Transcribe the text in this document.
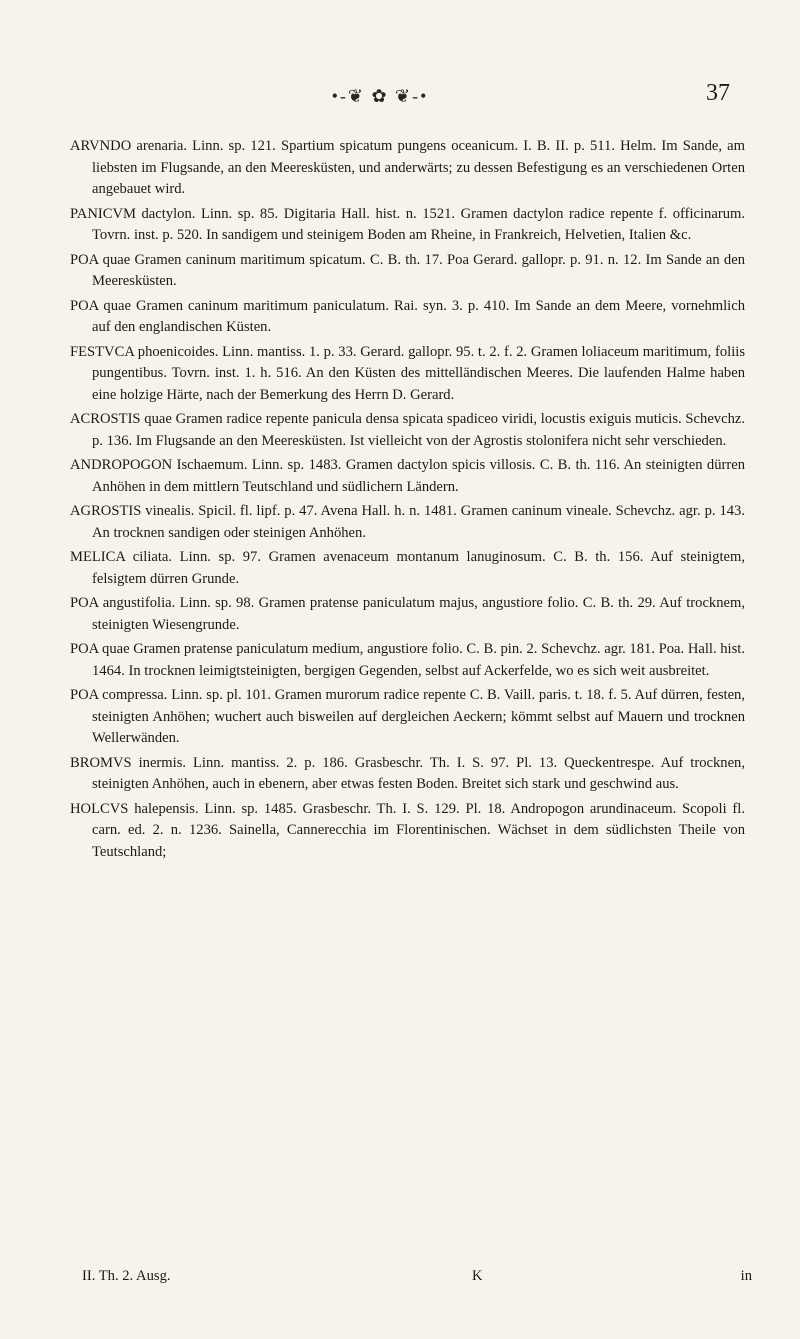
•-❦ ✿ ❦-•	37

ARVNDO arenaria. Linn. sp. 121. Spartium spicatum pungens oceanicum. I. B. II. p. 511. Helm. Im Sande, am liebsten im Flugsande, an den Meeresküsten, und anderwärts; zu dessen Befestigung es an verschiedenen Orten angebauet wird.

PANICVM dactylon. Linn. sp. 85. Digitaria Hall. hist. n. 1521. Gramen dactylon radice repente f. officinarum. Tovrn. inst. p. 520. In sandigem und steinigem Boden am Rheine, in Frankreich, Helvetien, Italien &c.

POA quae Gramen caninum maritimum spicatum. C. B. th. 17. Poa Gerard. gallopr. p. 91. n. 12. Im Sande an den Meeresküsten.

POA quae Gramen caninum maritimum paniculatum. Rai. syn. 3. p. 410. Im Sande an dem Meere, vornehmlich auf den englandischen Küsten.

FESTVCA phoenicoides. Linn. mantiss. 1. p. 33. Gerard. gallopr. 95. t. 2. f. 2. Gramen loliaceum maritimum, foliis pungentibus. Tovrn. inst. 1. h. 516. An den Küsten des mittelländischen Meeres. Die laufenden Halme haben eine holzige Härte, nach der Bemerkung des Herrn D. Gerard.

ACROSTIS quae Gramen radice repente panicula densa spicata spadiceo viridi, locustis exiguis muticis. Schevchz. p. 136. Im Flugsande an den Meeresküsten. Ist vielleicht von der Agrostis stolonifera nicht sehr verschieden.

ANDROPOGON Ischaemum. Linn. sp. 1483. Gramen dactylon spicis villosis. C. B. th. 116. An steinigten dürren Anhöhen in dem mittlern Teutschland und südlichern Ländern.

AGROSTIS vinealis. Spicil. fl. lipf. p. 47. Avena Hall. h. n. 1481. Gramen caninum vineale. Schevchz. agr. p. 143. An trocknen sandigen oder steinigen Anhöhen.

MELICA ciliata. Linn. sp. 97. Gramen avenaceum montanum lanuginosum. C. B. th. 156. Auf steinigtem, felsigtem dürren Grunde.

POA angustifolia. Linn. sp. 98. Gramen pratense paniculatum majus, angustiore folio. C. B. th. 29. Auf trocknem, steinigten Wiesengrunde.

POA quae Gramen pratense paniculatum medium, angustiore folio. C. B. pin. 2. Schevchz. agr. 181. Poa. Hall. hist. 1464. In trocknen leimigtsteinigten, bergigen Gegenden, selbst auf Ackerfelde, wo es sich weit ausbreitet.

POA compressa. Linn. sp. pl. 101. Gramen murorum radice repente C. B. Vaill. paris. t. 18. f. 5. Auf dürren, festen, steinigten Anhöhen; wuchert auch bisweilen auf dergleichen Aeckern; kömmt selbst auf Mauern und trocknen Wellerwänden.

BROMVS inermis. Linn. mantiss. 2. p. 186. Grasbeschr. Th. I. S. 97. Pl. 13. Queckentrespe. Auf trocknen, steinigten Anhöhen, auch in ebenern, aber etwas festen Boden. Breitet sich stark und geschwind aus.

HOLCVS halepensis. Linn. sp. 1485. Grasbeschr. Th. I. S. 129. Pl. 18. Andropogon arundinaceum. Scopoli fl. carn. ed. 2. n. 1236. Sainella, Cannerecchia im Florentinischen. Wächset in dem südlichsten Theile von Teutschland;

II. Th. 2. Ausg.	K	in
